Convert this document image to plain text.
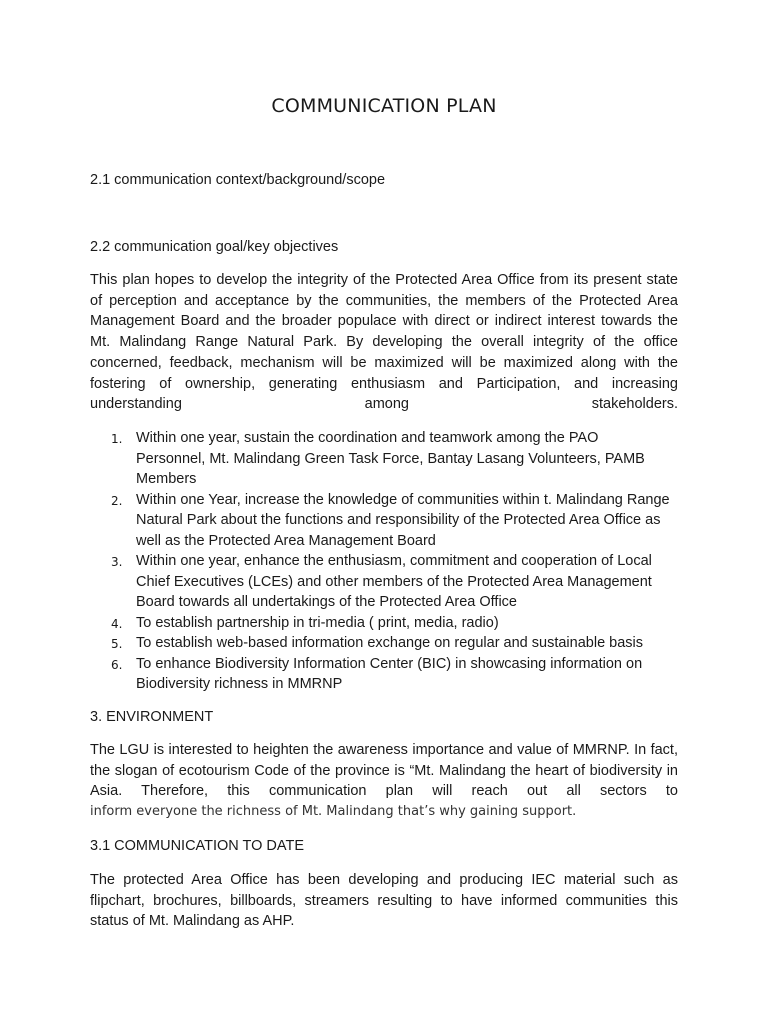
COMMUNICATION PLAN
2.1 communication context/background/scope
2.2 communication goal/key objectives
This plan hopes to develop the integrity of the Protected Area Office from its present state of perception and acceptance by the communities, the members of the Protected Area Management Board and the broader populace with direct or indirect interest towards the Mt. Malindang Range Natural Park. By developing the overall integrity of the office concerned, feedback, mechanism will be maximized will be maximized along with the fostering of ownership, generating enthusiasm and Participation, and increasing understanding among stakeholders.
1. Within one year, sustain the coordination and teamwork among the PAO Personnel, Mt. Malindang Green Task Force, Bantay Lasang Volunteers, PAMB Members
2. Within one Year, increase the knowledge of communities within t. Malindang Range Natural Park about the functions and responsibility of the Protected Area Office as well as the Protected Area Management Board
3. Within one year, enhance the enthusiasm, commitment and cooperation of Local Chief Executives (LCEs) and other members of the Protected Area Management Board towards all undertakings of the Protected Area Office
4. To establish partnership in tri-media ( print, media, radio)
5. To establish web-based information exchange on regular and sustainable basis
6. To enhance Biodiversity Information Center (BIC) in showcasing information on Biodiversity richness in MMRNP
3. ENVIRONMENT
The LGU is interested to heighten the awareness importance and value of MMRNP. In fact, the slogan of ecotourism Code of the province is “Mt. Malindang the heart of biodiversity in Asia. Therefore, this communication plan will reach out all sectors to
inform everyone the richness of Mt. Malindang that’s why gaining support.
3.1 COMMUNICATION TO DATE
The protected Area Office has been developing and producing IEC material such as flipchart, brochures, billboards, streamers resulting to have informed communities this status of Mt. Malindang as AHP.
